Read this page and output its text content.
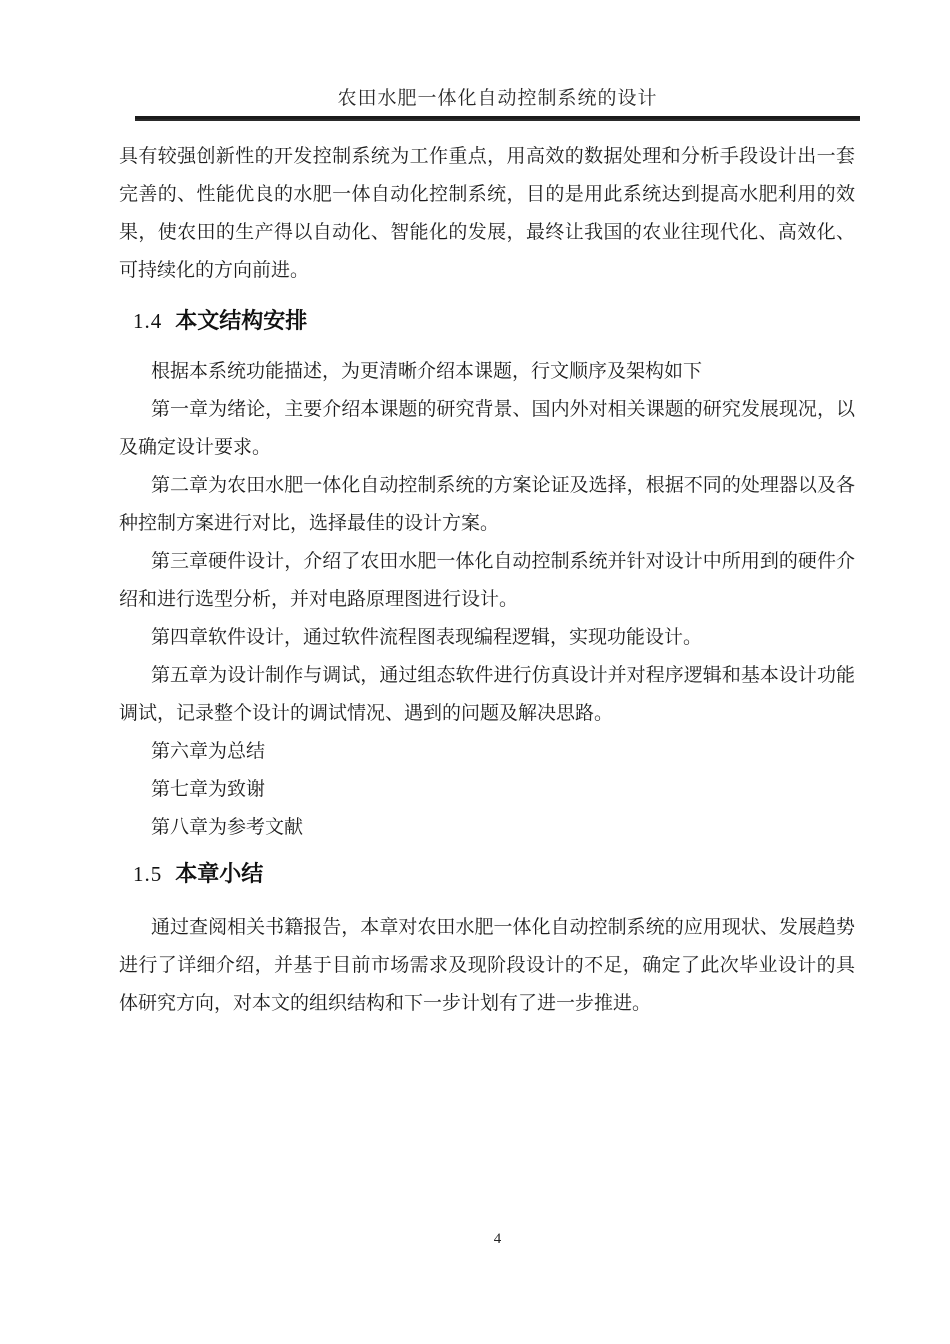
农田水肥一体化自动控制系统的设计

具有较强创新性的开发控制系统为工作重点，用高效的数据处理和分析手段设计出一套完善的、性能优良的水肥一体自动化控制系统，目的是用此系统达到提高水肥利用的效果，使农田的生产得以自动化、智能化的发展，最终让我国的农业往现代化、高效化、可持续化的方向前进。

1.4 本文结构安排

根据本系统功能描述，为更清晰介绍本课题，行文顺序及架构如下

第一章为绪论，主要介绍本课题的研究背景、国内外对相关课题的研究发展现况，以及确定设计要求。

第二章为农田水肥一体化自动控制系统的方案论证及选择，根据不同的处理器以及各种控制方案进行对比，选择最佳的设计方案。

第三章硬件设计，介绍了农田水肥一体化自动控制系统并针对设计中所用到的硬件介绍和进行选型分析，并对电路原理图进行设计。

第四章软件设计，通过软件流程图表现编程逻辑，实现功能设计。

第五章为设计制作与调试，通过组态软件进行仿真设计并对程序逻辑和基本设计功能调试，记录整个设计的调试情况、遇到的问题及解决思路。

第六章为总结

第七章为致谢

第八章为参考文献

1.5 本章小结

通过查阅相关书籍报告，本章对农田水肥一体化自动控制系统的应用现状、发展趋势进行了详细介绍，并基于目前市场需求及现阶段设计的不足，确定了此次毕业设计的具体研究方向，对本文的组织结构和下一步计划有了进一步推进。

4
